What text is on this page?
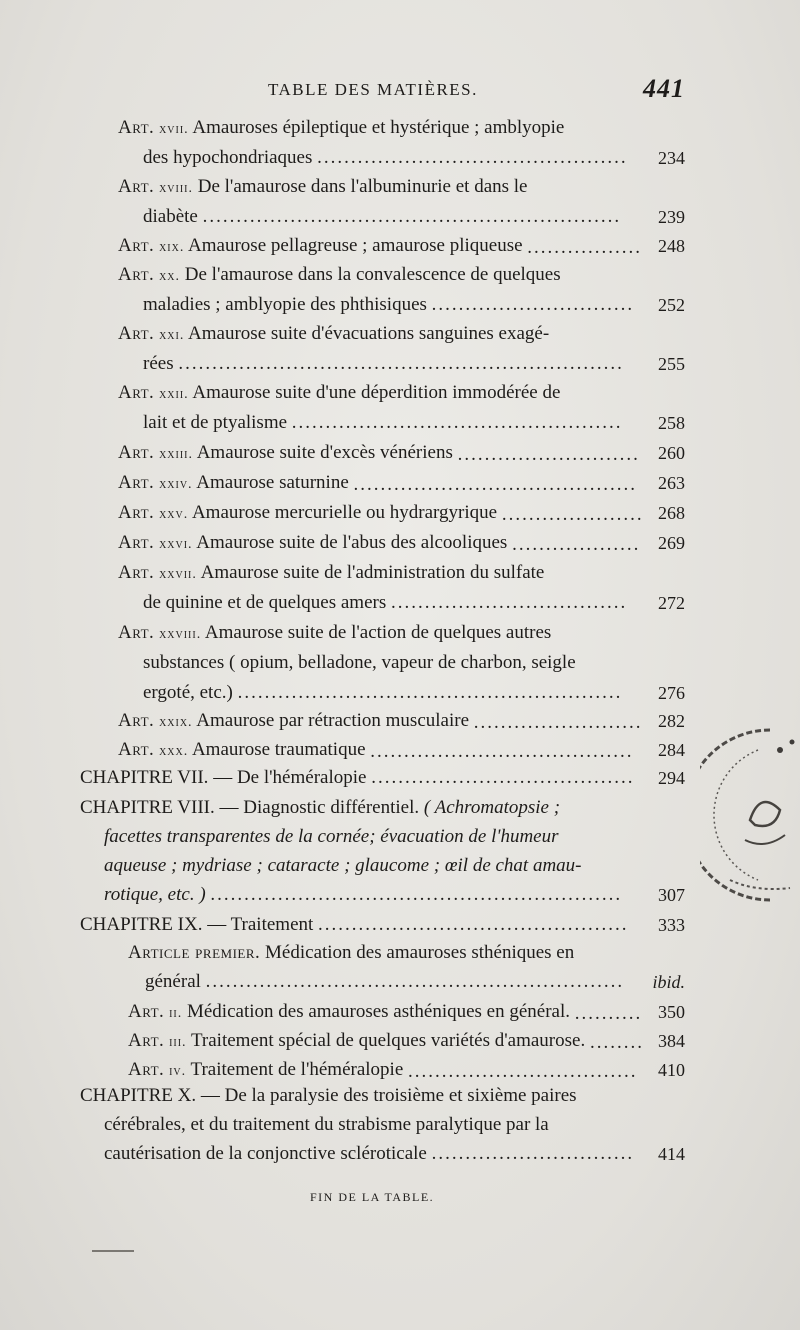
TABLE DES MATIÈRES.	441
Art. xvii. Amauroses épileptique et hystérique ; amblyopie
des hypochondriaques .............................................. 234
Art. xviii. De l'amaurose dans l'albuminurie et dans le
diabète .............................................................. 239
Art. xix. Amaurose pellagreuse ; amaurose pliqueuse ................. 248
Art. xx. De l'amaurose dans la convalescence de quelques
maladies ; amblyopie des phthisiques .............................. 252
Art. xxi. Amaurose suite d'évacuations sanguines exagé-
rées .................................................................. 255
Art. xxii. Amaurose suite d'une déperdition immodérée de
lait et de ptyalisme ................................................. 258
Art. xxiii. Amaurose suite d'excès vénériens ........................... 260
Art. xxiv. Amaurose saturnine .......................................... 263
Art. xxv. Amaurose mercurielle ou hydrargyrique ..................... 268
Art. xxvi. Amaurose suite de l'abus des alcooliques ................... 269
Art. xxvii. Amaurose suite de l'administration du sulfate
de quinine et de quelques amers ................................... 272
Art. xxviii. Amaurose suite de l'action de quelques autres
substances ( opium, belladone, vapeur de charbon, seigle
ergoté, etc.) ......................................................... 276
Art. xxix. Amaurose par rétraction musculaire ......................... 282
Art. xxx. Amaurose traumatique ....................................... 284
CHAPITRE VII. — De l'héméralopie ....................................... 294
CHAPITRE VIII. — Diagnostic différentiel. ( Achromatopsie ;
facettes transparentes de la cornée; évacuation de l'humeur
aqueuse ; mydriase ; cataracte ; glaucome ; œil de chat amau-
rotique, etc. ) ............................................................. 307
CHAPITRE IX. — Traitement .............................................. 333
Article premier. Médication des amauroses sthéniques en
général .............................................................. ibid.
Art. ii. Médication des amauroses asthéniques en général. .......... 350
Art. iii. Traitement spécial de quelques variétés d'amaurose. ........ 384
Art. iv. Traitement de l'héméralopie .................................. 410
CHAPITRE X. — De la paralysie des troisième et sixième paires
cérébrales, et du traitement du strabisme paralytique par la
cautérisation de la conjonctive scléroticale .............................. 414
FIN DE LA TABLE.
